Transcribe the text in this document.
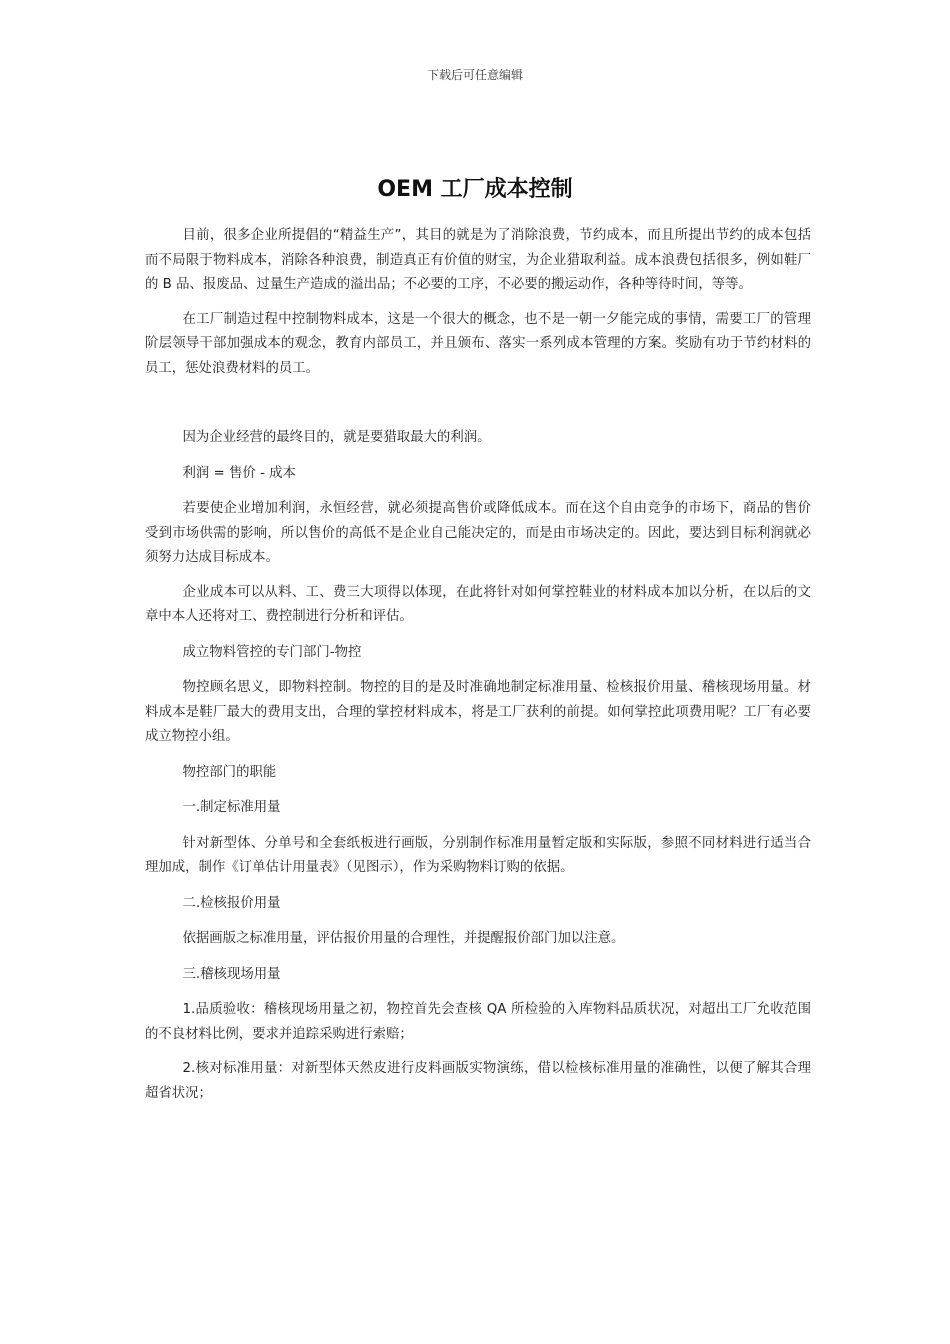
下载后可任意编辑
OEM 工厂成本控制

目前，很多企业所提倡的“精益生产”，其目的就是为了消除浪费，节约成本，而且所提出节约的成本包括而不局限于物料成本，消除各种浪费，制造真正有价值的财宝，为企业猎取利益。成本浪费包括很多，例如鞋厂的 B 品、报废品、过量生产造成的溢出品；不必要的工序，不必要的搬运动作，各种等待时间，等等。

在工厂制造过程中控制物料成本，这是一个很大的概念，也不是一朝一夕能完成的事情，需要工厂的管理阶层领导干部加强成本的观念，教育内部员工，并且颁布、落实一系列成本管理的方案。奖励有功于节约材料的员工，惩处浪费材料的员工。

因为企业经营的最终目的，就是要猎取最大的利润。

利润 = 售价 - 成本

若要使企业增加利润，永恒经营，就必须提高售价或降低成本。而在这个自由竞争的市场下，商品的售价受到市场供需的影响，所以售价的高低不是企业自己能决定的，而是由市场决定的。因此，要达到目标利润就必须努力达成目标成本。

企业成本可以从料、工、费三大项得以体现，在此将针对如何掌控鞋业的材料成本加以分析，在以后的文章中本人还将对工、费控制进行分析和评估。

成立物料管控的专门部门-物控

物控顾名思义，即物料控制。物控的目的是及时准确地制定标准用量、检核报价用量、稽核现场用量。材料成本是鞋厂最大的费用支出，合理的掌控材料成本，将是工厂获利的前提。如何掌控此项费用呢？工厂有必要成立物控小组。

物控部门的职能

一.制定标准用量

针对新型体、分单号和全套纸板进行画版，分别制作标准用量暂定版和实际版，参照不同材料进行适当合理加成，制作《订单估计用量表》（见图示），作为采购物料订购的依据。

二.检核报价用量

依据画版之标准用量，评估报价用量的合理性，并提醒报价部门加以注意。

三.稽核现场用量

1.品质验收：稽核现场用量之初，物控首先会查核 QA 所检验的入库物料品质状况，对超出工厂允收范围的不良材料比例，要求并追踪采购进行索赔；

2.核对标准用量：对新型体天然皮进行皮料画版实物演练，借以检核标准用量的准确性，以便了解其合理超省状况；
